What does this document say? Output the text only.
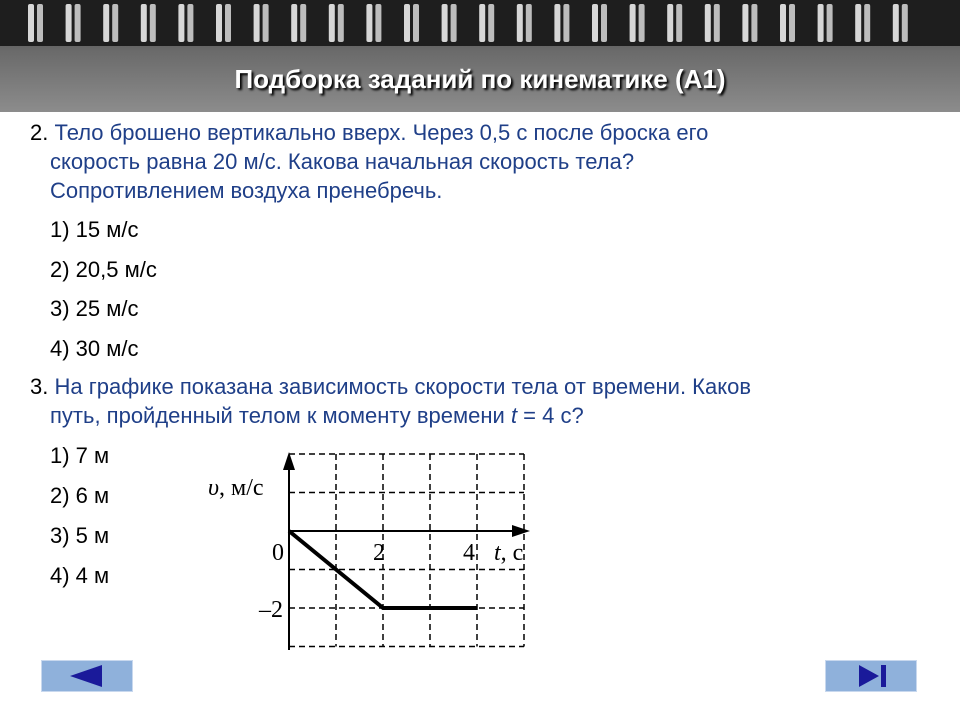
Подборка заданий по кинематике (А1)
2. Тело брошено вертикально вверх. Через 0,5 с после броска его
скорость равна 20 м/с. Какова начальная скорость тела?
Сопротивлением воздуха пренебречь.
1) 15 м/с
2) 20,5 м/с
3) 25 м/с
4) 30 м/с
3. На графике показана зависимость скорости тела от времени. Каков
путь, пройденный телом к моменту времени t = 4 с?
1) 7 м
2) 6 м
3) 5 м
4) 4 м
υ, м/с
t, с
0	2	4
–2
